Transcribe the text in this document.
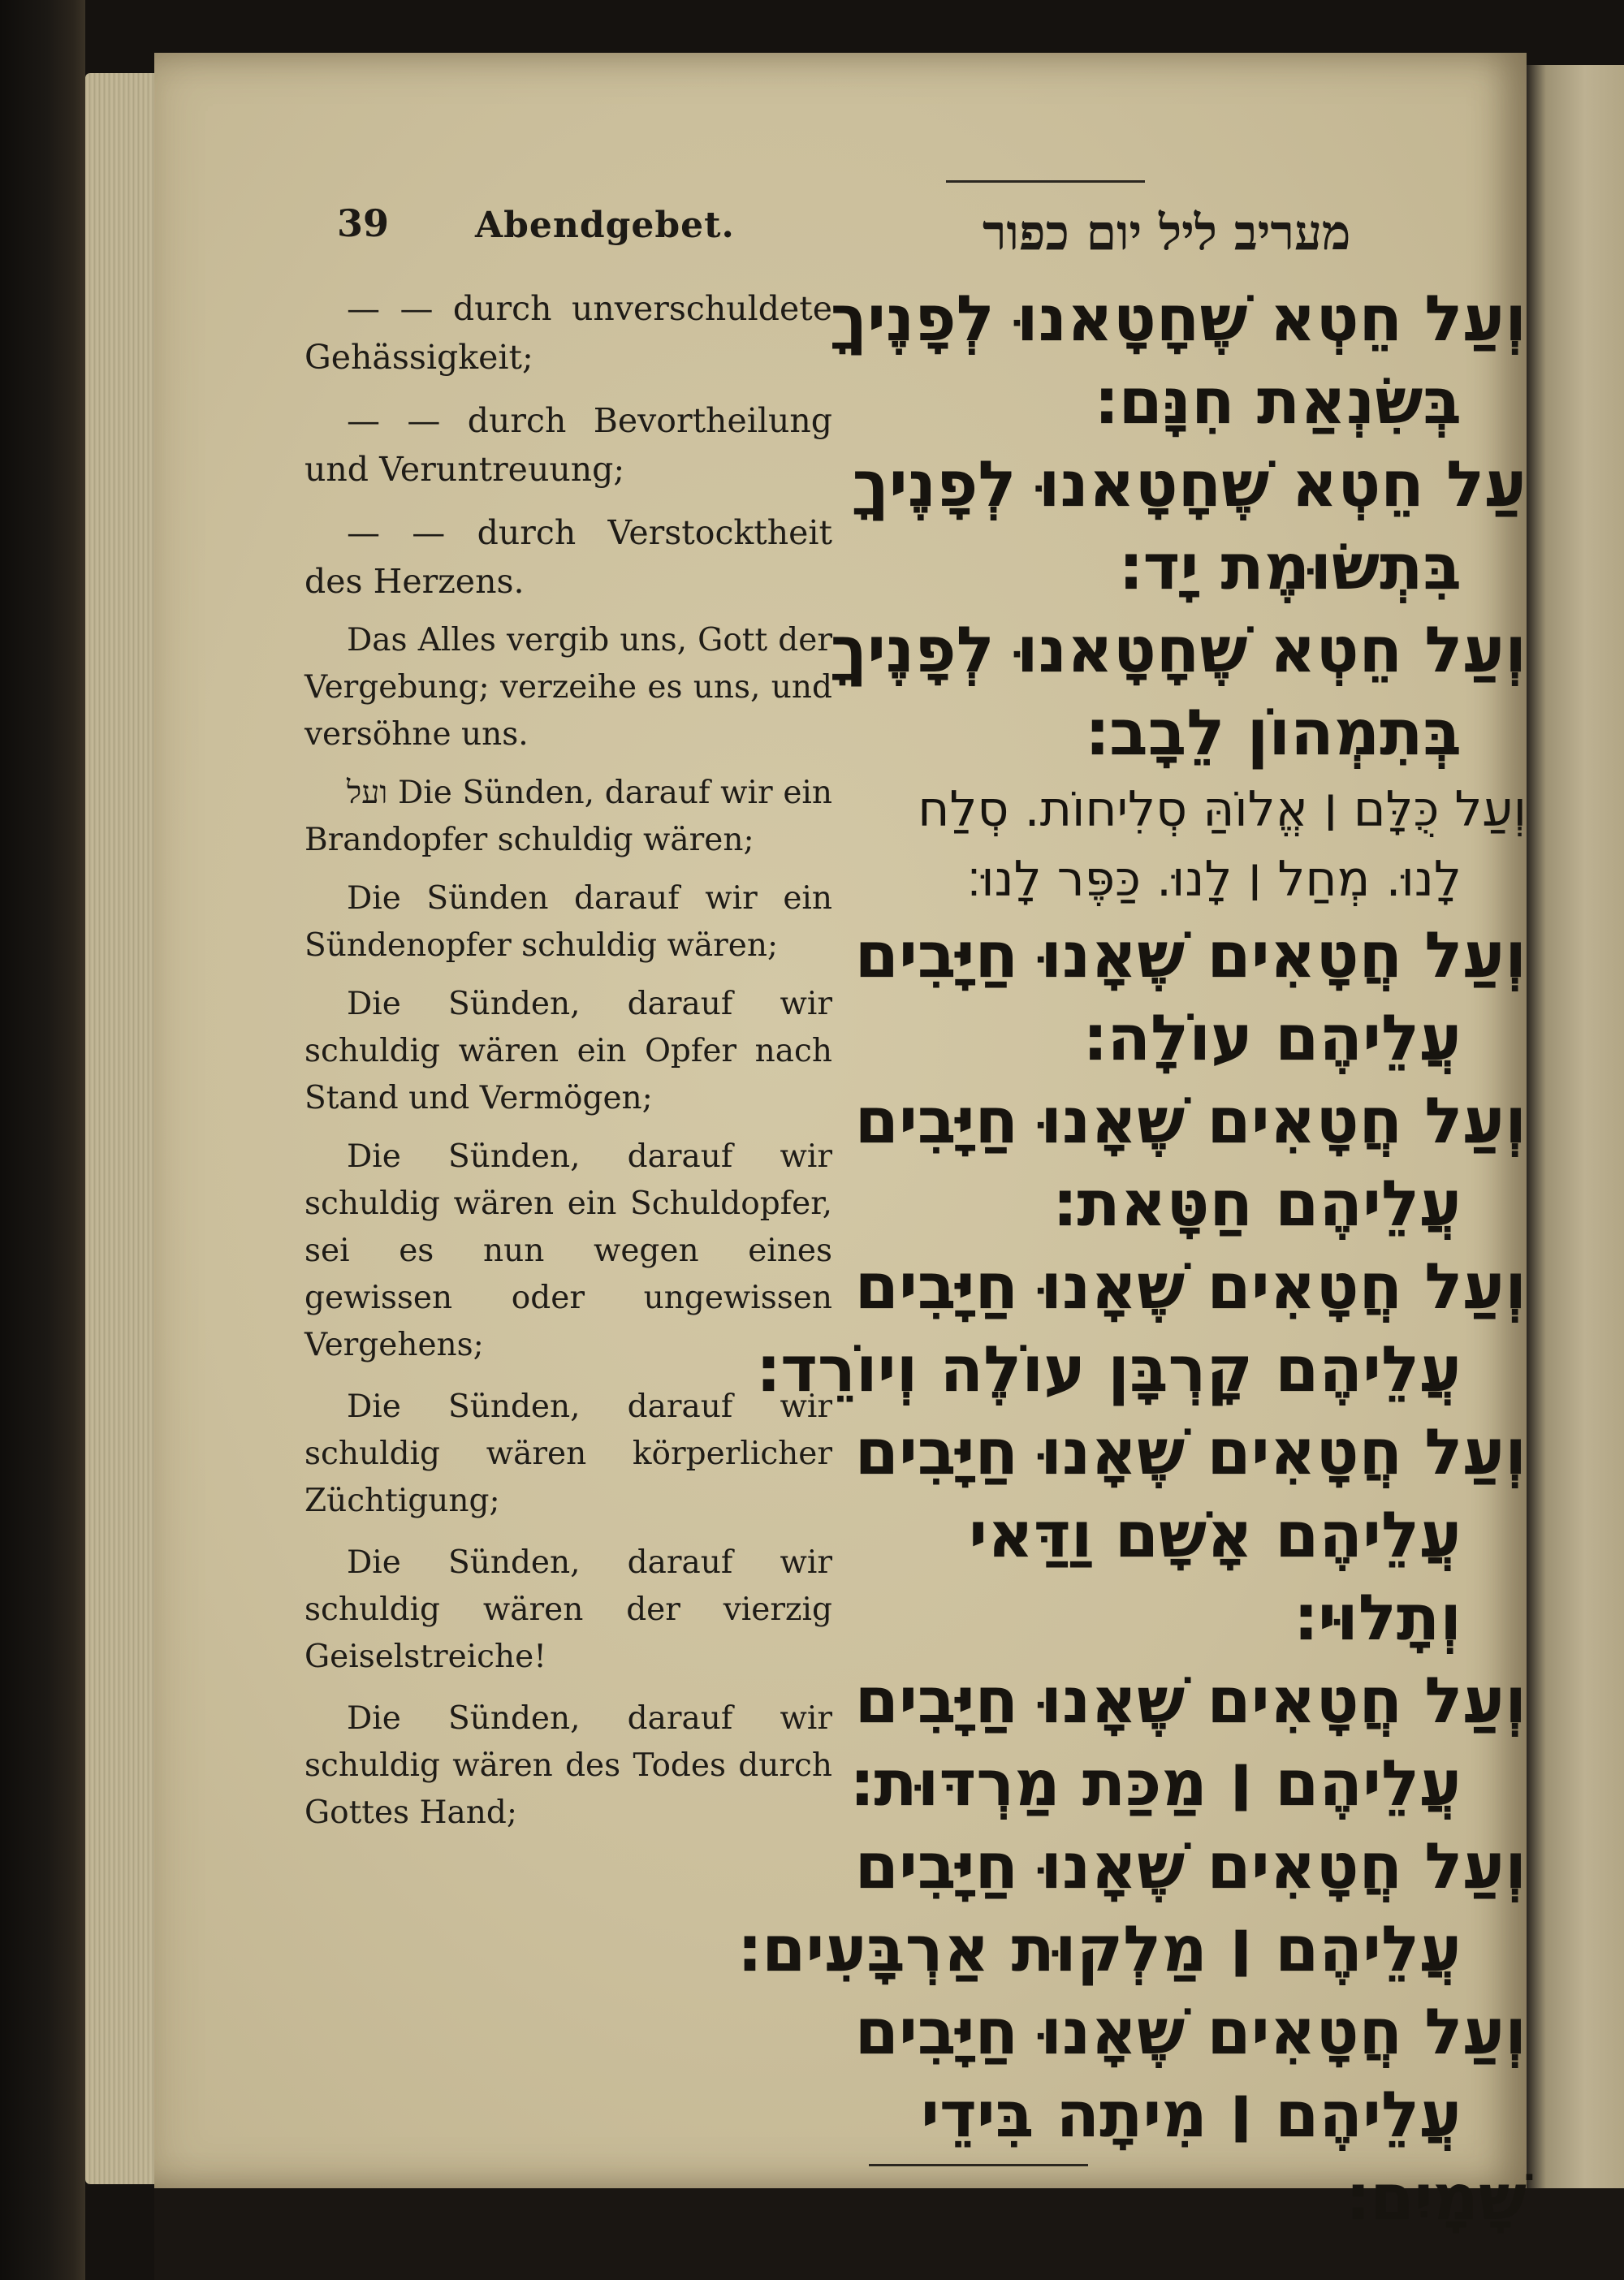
39 Abendgebet.	מעריב ליל יום כפור

— — durch unverschuldete Gehässigkeit;

— — durch Bevortheilung und Veruntreuung;

— — durch Verstocktheit des Herzens.

Das Alles vergib uns, Gott der Vergebung; verzeihe es uns, und versöhne uns.

ועל Die Sünden, darauf wir ein Brandopfer schuldig wären;

Die Sünden darauf wir ein Sündenopfer schuldig wären;

Die Sünden, darauf wir schuldig wären ein Opfer nach Stand und Vermögen;

Die Sünden, darauf wir schuldig wären ein Schuldopfer, sei es nun wegen eines gewissen oder ungewissen Vergehens;

Die Sünden, darauf wir schuldig wären körperlicher Züchtigung;

Die Sünden, darauf wir schuldig wären der vierzig Geiselstreiche!

Die Sünden, darauf wir schuldig wären des Todes durch Gottes Hand;

וְעַל חֵטְא שֶׁחָטָאנוּ לְפָנֶיךָ
בְּשִׂנְאַת חִנָּם׃
עַל חֵטְא שֶׁחָטָאנוּ לְפָנֶיךָ
בִּתְשׂוּמֶת יָד׃
וְעַל חֵטְא שֶׁחָטָאנוּ לְפָנֶיךָ
בְּתִמְהוֹן לֵבָב׃
וְעַל כֻּלָּם ׀ אֱלוֹהַּ סְלִיחוֹת. סְלַח
לָנוּ. מְחַל ׀ לָנוּ. כַּפֶּר לָנוּ׃
וְעַל חֲטָאִים שֶׁאָנוּ חַיָּבִים
עֲלֵיהֶם עוֹלָה׃
וְעַל חֲטָאִים שֶׁאָנוּ חַיָּבִים
עֲלֵיהֶם חַטָּאת׃
וְעַל חֲטָאִים שֶׁאָנוּ חַיָּבִים
עֲלֵיהֶם קָרְבָּן עוֹלֶה וְיוֹרֵד׃
וְעַל חֲטָאִים שֶׁאָנוּ חַיָּבִים
עֲלֵיהֶם אָשָׁם וַדַּאי
וְתָלוּי׃
וְעַל חֲטָאִים שֶׁאָנוּ חַיָּבִים
עֲלֵיהֶם ׀ מַכַּת מַרְדּוּת׃
וְעַל חֲטָאִים שֶׁאָנוּ חַיָּבִים
עֲלֵיהֶם ׀ מַלְקוּת אַרְבָּעִים׃
וְעַל חֲטָאִים שֶׁאָנוּ חַיָּבִים
עֲלֵיהֶם ׀ מִיתָה בִּידֵי
שָׁמָיִם׃
